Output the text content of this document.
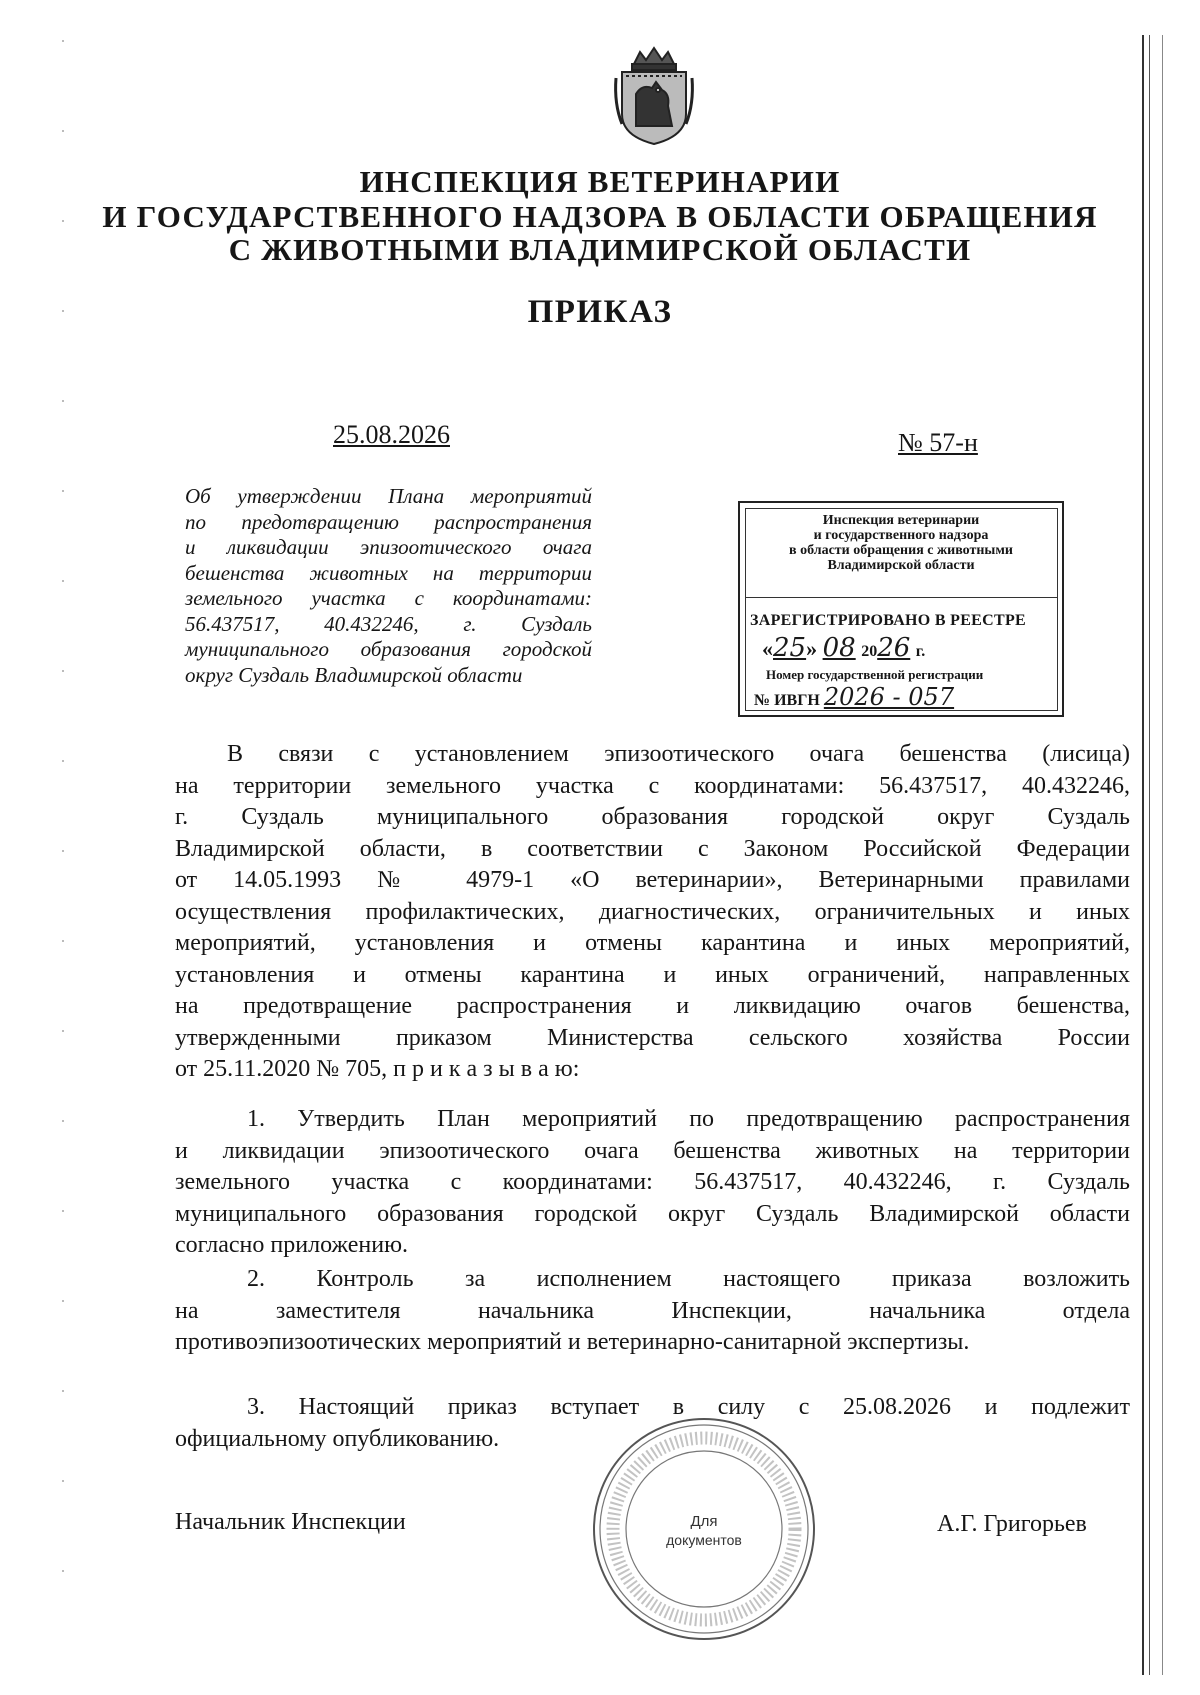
ИНСПЕКЦИЯ ВЕТЕРИНАРИИ
И ГОСУДАРСТВЕННОГО НАДЗОРА В ОБЛАСТИ ОБРАЩЕНИЯ
С ЖИВОТНЫМИ ВЛАДИМИРСКОЙ ОБЛАСТИ
ПРИКАЗ
25.08.2026	№ 57-н
Об утверждении Плана мероприятий
по предотвращению распространения
и ликвидации эпизоотического очага
бешенства животных на территории
земельного участка с координатами:
56.437517, 40.432246, г. Суздаль
муниципального образования городской
округ Суздаль Владимирской области
Инспекция ветеринарии
и государственного надзора
в области обращения с животными
Владимирской области
ЗАРЕГИСТРИРОВАНО В РЕЕСТРЕ
«25» 08 2026 г.
Номер государственной регистрации
№ ИВГН 2026 - 057
В связи с установлением эпизоотического очага бешенства (лисица)
на территории земельного участка с координатами: 56.437517, 40.432246,
г. Суздаль муниципального образования городской округ Суздаль
Владимирской области, в соответствии с Законом Российской Федерации
от 14.05.1993 № 4979-1 «О ветеринарии», Ветеринарными правилами
осуществления профилактических, диагностических, ограничительных и иных
мероприятий, установления и отмены карантина и иных мероприятий,
установления и отмены карантина и иных ограничений, направленных
на предотвращение распространения и ликвидацию очагов бешенства,
утвержденными приказом Министерства сельского хозяйства России
от 25.11.2020 № 705, п р и к а з ы в а ю:
1. Утвердить План мероприятий по предотвращению распространения
и ликвидации эпизоотического очага бешенства животных на территории
земельного участка с координатами: 56.437517, 40.432246, г. Суздаль
муниципального образования городской округ Суздаль Владимирской области
согласно приложению.
2. Контроль за исполнением настоящего приказа возложить
на заместителя начальника Инспекции, начальника отдела
противоэпизоотических мероприятий и ветеринарно-санитарной экспертизы.
3. Настоящий приказ вступает в силу с 25.08.2026 и подлежит
официальному опубликованию.
Для
документов
Начальник Инспекции	А.Г. Григорьев
